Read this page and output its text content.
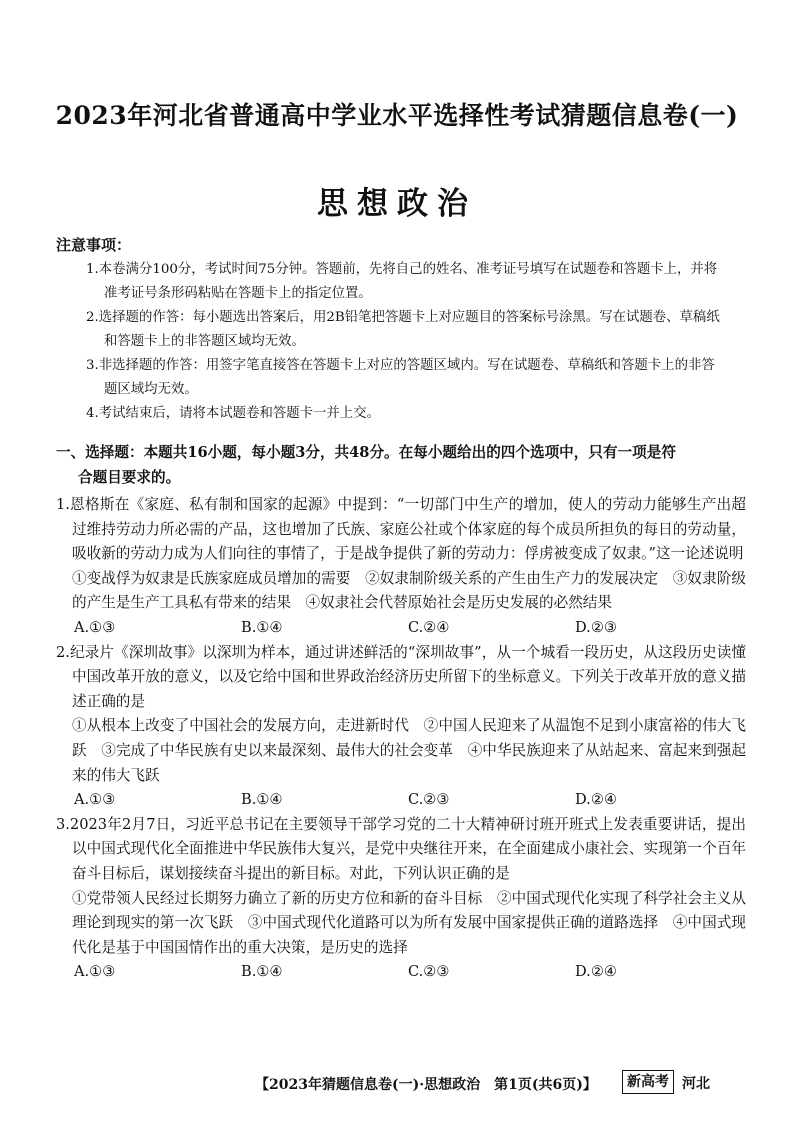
2023年河北省普通高中学业水平选择性考试猜题信息卷(一)
思想政治
注意事项：

1.本卷满分100分，考试时间75分钟。答题前，先将自己的姓名、准考证号填写在试题卷和答题卡上，并将准考证号条形码粘贴在答题卡上的指定位置。

2.选择题的作答：每小题选出答案后，用2B铅笔把答题卡上对应题目的答案标号涂黑。写在试题卷、草稿纸和答题卡上的非答题区域均无效。

3.非选择题的作答：用签字笔直接答在答题卡上对应的答题区域内。写在试题卷、草稿纸和答题卡上的非答题区域均无效。

4.考试结束后，请将本试题卷和答题卡一并上交。

一、选择题：本题共16小题，每小题3分，共48分。在每小题给出的四个选项中，只有一项是符
合题目要求的。

1.恩格斯在《家庭、私有制和国家的起源》中提到：“一切部门中生产的增加，使人的劳动力能够生产出超过维持劳动力所必需的产品，这也增加了氏族、家庭公社或个体家庭的每个成员所担负的每日的劳动量，吸收新的劳动力成为人们向往的事情了，于是战争提供了新的劳动力：俘虏被变成了奴隶。”这一论述说明

①变战俘为奴隶是氏族家庭成员增加的需要　②奴隶制阶级关系的产生由生产力的发展决定　③奴隶阶级的产生是生产工具私有带来的结果　④奴隶社会代替原始社会是历史发展的必然结果

A.①③	B.①④	C.②④	D.②③

2.纪录片《深圳故事》以深圳为样本，通过讲述鲜活的“深圳故事”，从一个城看一段历史，从这段历史读懂中国改革开放的意义，以及它给中国和世界政治经济历史所留下的坐标意义。下列关于改革开放的意义描述正确的是

①从根本上改变了中国社会的发展方向，走进新时代　②中国人民迎来了从温饱不足到小康富裕的伟大飞跃　③完成了中华民族有史以来最深刻、最伟大的社会变革　④中华民族迎来了从站起来、富起来到强起来的伟大飞跃

A.①③	B.①④	C.②③	D.②④

3.2023年2月7日，习近平总书记在主要领导干部学习党的二十大精神研讨班开班式上发表重要讲话，提出以中国式现代化全面推进中华民族伟大复兴，是党中央继往开来，在全面建成小康社会、实现第一个百年奋斗目标后，谋划接续奋斗提出的新目标。对此，下列认识正确的是

①党带领人民经过长期努力确立了新的历史方位和新的奋斗目标　②中国式现代化实现了科学社会主义从理论到现实的第一次飞跃　③中国式现代化道路可以为所有发展中国家提供正确的道路选择　④中国式现代化是基于中国国情作出的重大决策，是历史的选择

A.①③	B.①④	C.②③	D.②④
【2023年猜题信息卷(一)·思想政治　第1页(共6页)】	新高考 河北
